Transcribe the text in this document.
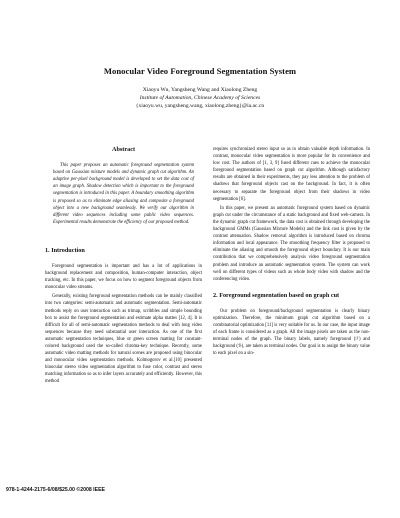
Monocular Video Foreground Segmentation System
Xiaoyu Wu, Yangsheng Wang and Xiaolong Zheng
Institute of Automation, Chinese Academy of Sciences
{xiaoyu.wu, yangsheng.wang, xiaolong.zheng}@ia.ac.cn
Abstract
This paper proposes an automatic foreground segmentation system based on Gaussian mixture models and dynamic graph cut algorithm. An adaptive per-pixel background model is developed to set the data cost of an image graph. Shadow detection which is important to the foreground segmentation is introduced in this paper. A boundary smoothing algorithm is proposed so as to eliminate edge aliasing and composite a foreground object into a new background seamlessly. We verify our algorithm in different video sequences including some public video sequences. Experimental results demonstrate the efficiency of our proposed method.
1. Introduction

Foreground segmentation is important and has a lot of applications in background replacement and composition, human-computer interaction, object tracking, etc. In this paper, we focus on how to segment foreground objects from monocular video streams.

Generally, existing foreground segmentation methods can be mainly classified into two categories: semi-automatic and automatic segmentation. Semi-automatic methods reply on user interaction such as trimap, scribbles and simple bounding box to assist the foreground segmentation and estimate alpha mattes [12, 4]. It is difficult for all of semi-automatic segmentation methods to deal with long video sequences because they need substantial user interaction. As one of the first automatic segmentation techniques, blue or green screen matting for constant-colored background used the so-called chroma-key technique. Recently, some automatic video matting methods for natural scenes are proposed using binocular and monocular video segmentation methods. Kolmogorov et al.[10] presented binocular stereo video segmentation algorithm to fuse color, contrast and stereo matching information so as to infer layers accurately and efficiently. However, this method

requires synchronized stereo input so as to obtain valuable depth information. In contrast, monocular video segmentation is more popular for its convenience and low cost. The authors of [1, 3, 9] fused different cues to achieve the monocular foreground segmentation based on graph cut algorithm. Although satisfactory results are obtained in their experiments, they pay less attention to the problem of shadows that foreground objects cast on the background. In fact, it is often necessary to separate the foreground object from their shadows in video segmentation [6].

In this paper, we present an automatic foreground system based on dynamic graph cut under the circumstance of a static background and fixed web-camera. In the dynamic graph cut framework, the data cost is obtained through developing the background GMMs (Gaussian Mixture Models) and the link cost is given by the contrast attenuation. Shadow removal algorithm is introduced based on chroma information and local appearance. The smoothing frequency filter is proposed to eliminate the aliasing and smooth the foreground object boundary. It is our main contribution that we comprehensively analysis video foreground segmentation problem and introduce an automatic segmentation system. The system can work well on different types of videos such as whole body video with shadow and the conferencing video.

2. Foreground segmentation based on graph cut

Our problem on foreground/background segmentation is clearly binary optimization. Therefore, the minimum graph cut algorithm based on a combinatorial optimization [11] is very suitable for us. In our case, the input image of each frame is considered as a graph. All the image pixels are taken as the non-terminal nodes of the graph. The binary labels, namely foreground (ℱ) and background (ℬ), are taken as terminal nodes. Our goal is to assign the binary value to each pixel on a sin-

978-1-4244-2175-6/08/$25.00 ©2008 IEEE
